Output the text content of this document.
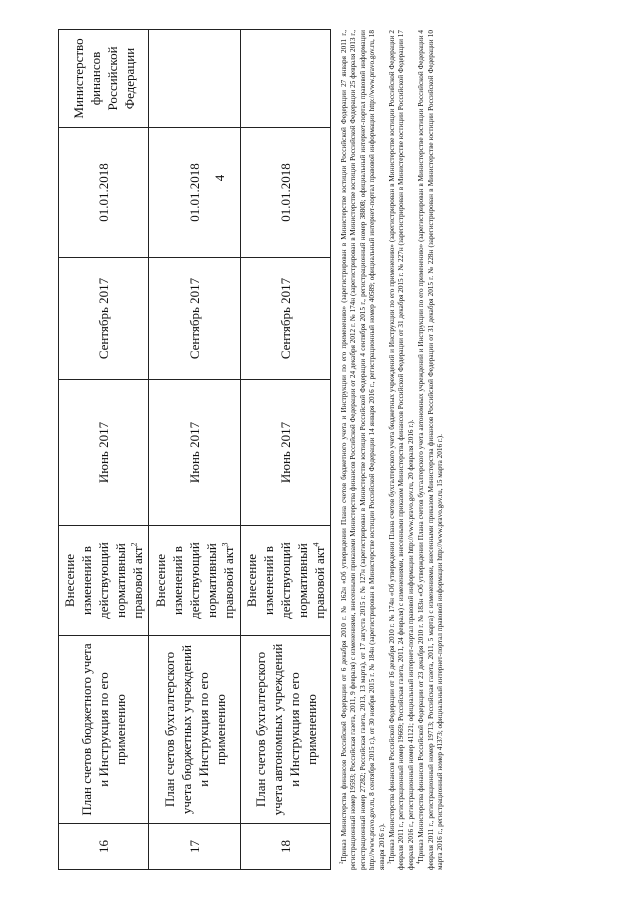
4
16	План счетов бюджетного учета и Инструкция по его применению	Внесение изменений в действующий нормативный правовой акт$^2$	Июнь 2017	Сентябрь 2017	01.01.2018	Министерство финансов Российской Федерации
17	План счетов бухгалтерского учета бюджетных учреждений и Инструкция по его применению	Внесение изменений в действующий нормативный правовой акт$^3$	Июнь 2017	Сентябрь 2017	01.01.2018	
18	План счетов бухгалтерского учета автономных учреждений и Инструкция по его применению	Внесение изменений в действующий нормативный правовой акт$^4$	Июнь 2017	Сентябрь 2017	01.01.2018	

$^2$Приказ Министерства финансов Российской Федерации от 6 декабря 2010 г. № 162н «Об утверждении Плана счетов бюджетного учета и Инструкции по его применению» (зарегистрирован в Министерстве юстиции Российской Федерации 27 января 2011 г., регистрационный номер 19593; Российская газета, 2011, 9 февраля) с изменениями, внесенными приказами Министерства финансов Российской Федерации от 24 декабря 2012 г. № 174н (зарегистрирован в Министерстве юстиции Российской Федерации 25 февраля 2013 г., регистрационный номер 27282; Российская газета, 2013, 13 марта), от 17 августа 2015 г. № 127н (зарегистрирован в Министерстве юстиции Российской Федерации 4 сентября 2015 г., регистрационный номер 38808; официальный интернет-портал правовой информации http://www.pravo.gov.ru, 8 сентября 2015 г.), от 30 ноября 2015 г. № 184н (зарегистрирован в Министерстве юстиции Российской Федерации 14 января 2016 г., регистрационный номер 40589; официальный интернет-портал правовой информации http://www.pravo.gov.ru, 18 января 2016 г.). $^3$Приказ Министерства финансов Российской Федерации от 16 декабря 2010 г. № 174н «Об утверждении Плана счетов бухгалтерского учета бюджетных учреждений и Инструкции по его применению» (зарегистрирован в Министерстве юстиции Российской Федерации 2 февраля 2011 г., регистрационный номер 19669; Российская газета, 2011, 24 февраля) с изменениями, внесенными приказом Министерства финансов Российской Федерации от 31 декабря 2015 г. № 227н (зарегистрирован в Министерстве юстиции Российской Федерации 17 февраля 2016 г., регистрационный номер 41121; официальный интернет-портал правовой информации http://www.pravo.gov.ru, 20 февраля 2016 г.). $^4$Приказ Министерства финансов Российской Федерации от 23 декабря 2010 г. № 183н «Об утверждении Плана счетов бухгалтерского учета автономных учреждений и Инструкции по его применению» (зарегистрирован в Министерстве юстиции Российской Федерации 4 февраля 2011 г., регистрационный номер 19713; Российская газета, 2011, 5 марта) с изменениями, внесенными приказом Министерства финансов Российской Федерации от 31 декабря 2015 г. № 228н (зарегистрирован в Министерстве юстиции Российской Федерации 10 марта 2016 г., регистрационный номер 41373; официальный интернет-портал правовой информации http://www.pravo.gov.ru, 15 марта 2016 г.).
